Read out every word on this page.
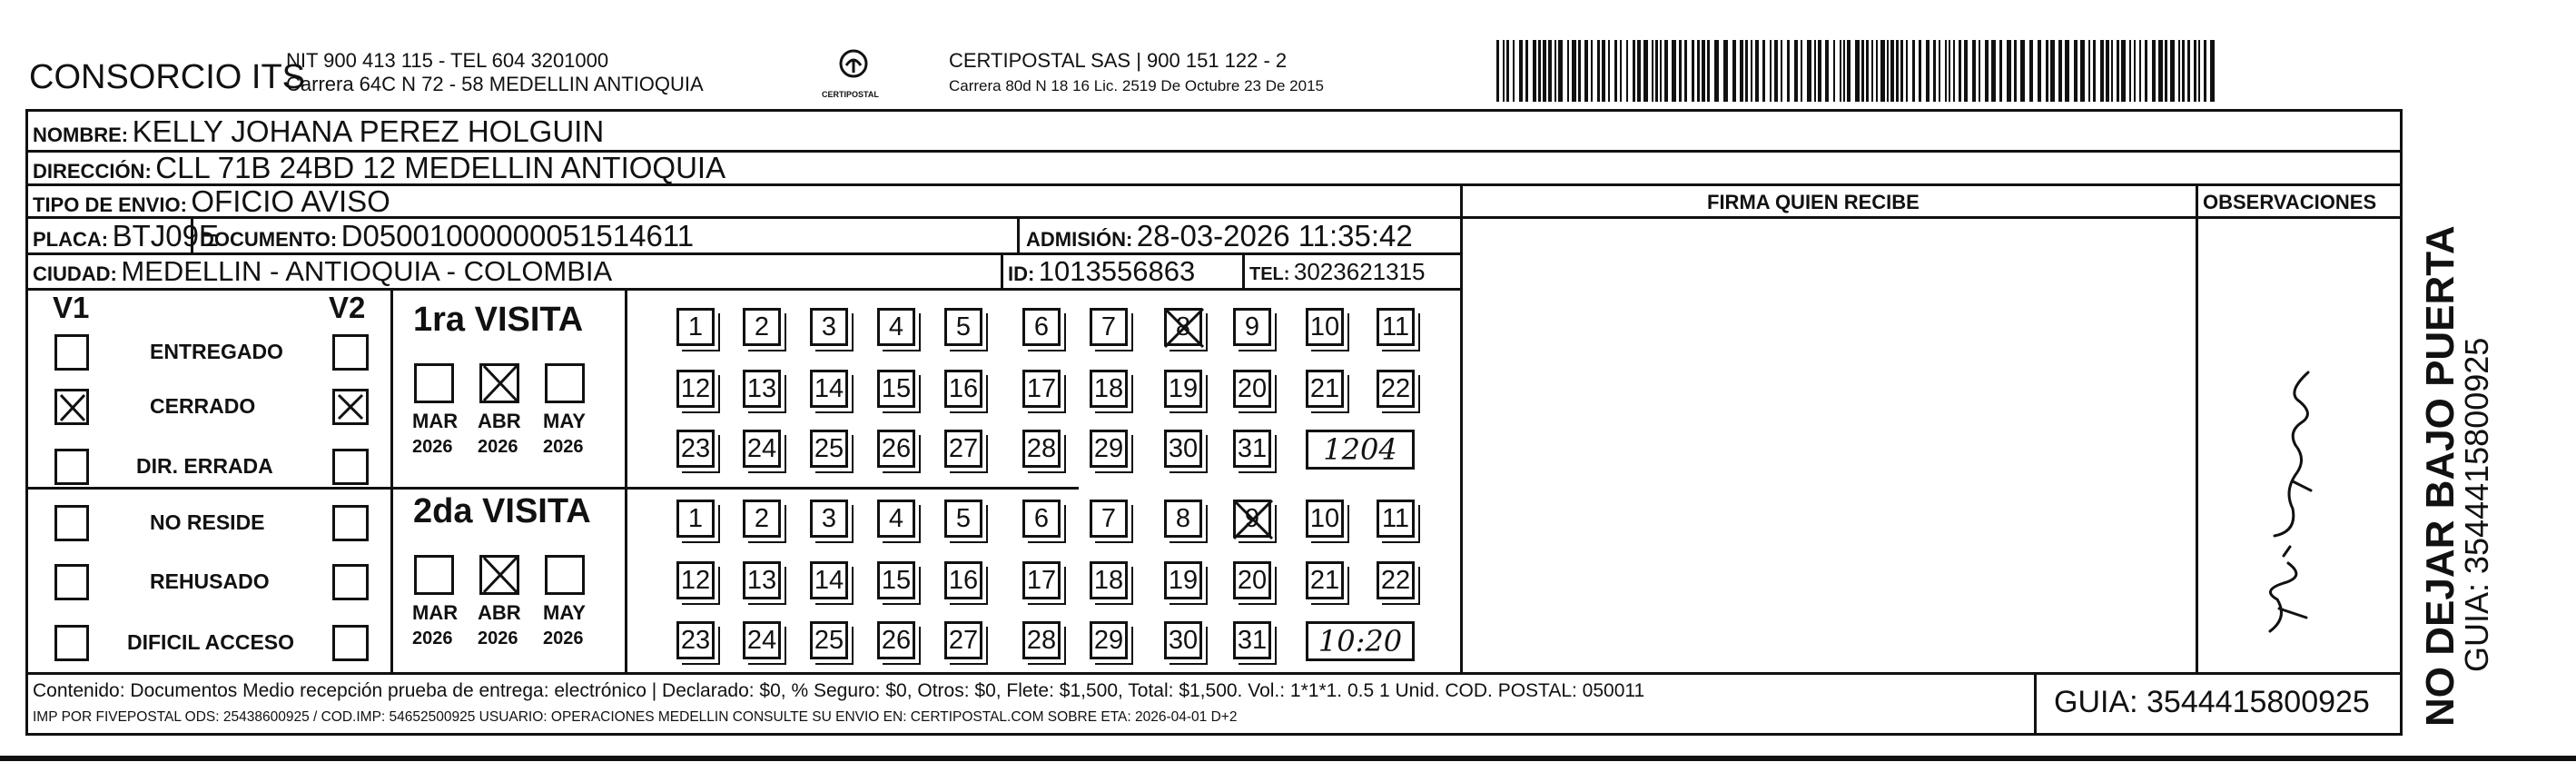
CONSORCIO ITS
NIT 900 413 115 - TEL 604 3201000
Carrera 64C N 72 - 58 MEDELLIN ANTIOQUIA	CERTIPOSTAL
CERTIPOSTAL SAS | 900 151 122 - 2
Carrera 80d N 18 16 Lic. 2519 De Octubre 23 De 2015
NOMBRE: KELLY JOHANA PEREZ HOLGUIN
DIRECCIÓN: CLL 71B 24BD 12 MEDELLIN ANTIOQUIA
TIPO DE ENVIO: OFICIO AVISO	FIRMA QUIEN RECIBE	OBSERVACIONES
PLACA: BTJ09E
DOCUMENTO: D05001000000051514611	ADMISIÓN: 28-03-2026 11:35:42
CIUDAD: MEDELLIN - ANTIOQUIA - COLOMBIA	ID: 1013556863	TEL: 3023621315
V1	V2
ENTREGADO
CERRADO
DIR. ERRADA
NO RESIDE
REHUSADO
DIFICIL ACCESO
1ra VISITA
MAR
2026
ABR
2026
MAY
2026
1 2 3 4 5 6 7 8 9 10 11
12 13 14 15 16 17 18 19 20 21 22
23 24 25 26 27 28 29 30 31	1204
2da VISITA
MAR
2026
ABR
2026
MAY
2026
1 2 3 4 5 6 7 8 9 10 11
12 13 14 15 16 17 18 19 20 21 22
23 24 25 26 27 28 29 30 31	10:20
Contenido: Documentos Medio recepción prueba de entrega: electrónico | Declarado: $0, % Seguro: $0, Otros: $0, Flete: $1,500, Total: $1,500. Vol.: 1*1*1. 0.5 1 Unid. COD. POSTAL: 050011
IMP POR FIVEPOSTAL ODS: 25438600925 / COD.IMP: 54652500925 USUARIO: OPERACIONES MEDELLIN CONSULTE SU ENVIO EN: CERTIPOSTAL.COM SOBRE ETA: 2026-04-01 D+2	GUIA: 3544415800925 NO DEJAR BAJO PUERTA
GUIA: 3544415800925
